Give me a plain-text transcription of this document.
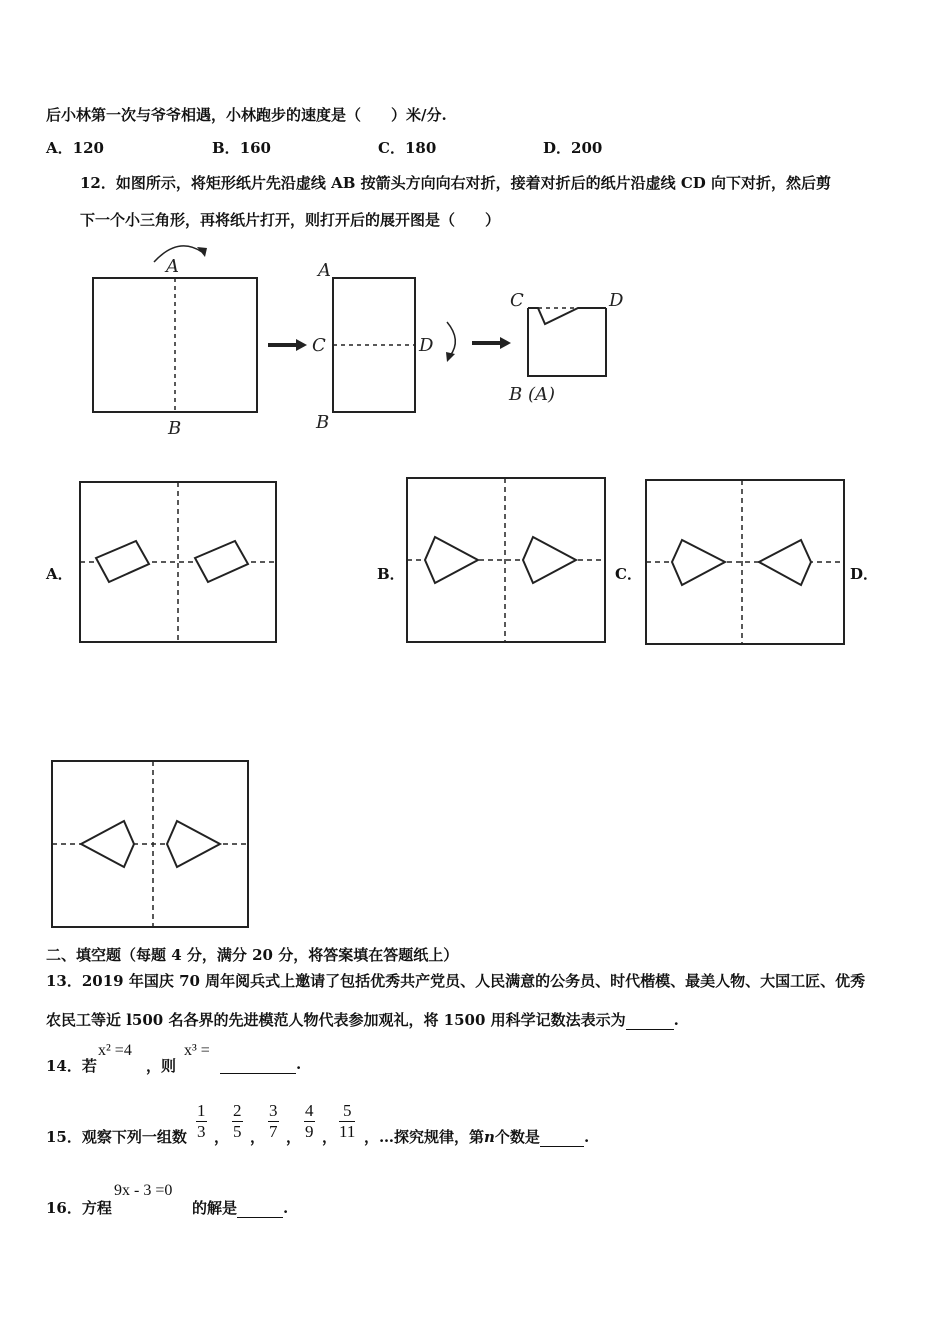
后小林第一次与爷爷相遇，小林跑步的速度是（　　）米/分.
A．120	B．160	C．180	D．200
12．如图所示，将矩形纸片先沿虚线 AB 按箭头方向向右对折，接着对折后的纸片沿虚线 CD 向下对折，然后剪
下一个小三角形，再将纸片打开，则打开后的展开图是（　　）
A
B
A
C	D
B
C	D
B (A)
A．	B．	C．	D．
二、填空题（每题 4 分，满分 20 分，将答案填在答题纸上）
13．2019 年国庆 70 周年阅兵式上邀请了包括优秀共产党员、人民满意的公务员、时代楷模、最美人物、大国工匠、优秀
农民工等近 l500 名各界的先进模范人物代表参加观礼，将 1500 用科学记数法表示为	.
14．若
x² =4
，则
x³ =
.
15．观察下列一组数 $\frac{1}{3}$ ， $\frac{2}{5}$ ， $\frac{3}{7}$ ， $\frac{4}{9}$ ， $\frac{5}{11}$ ，…探究规律，第n个数是	.
16．方程
9x - 3 =0
的解是	.
